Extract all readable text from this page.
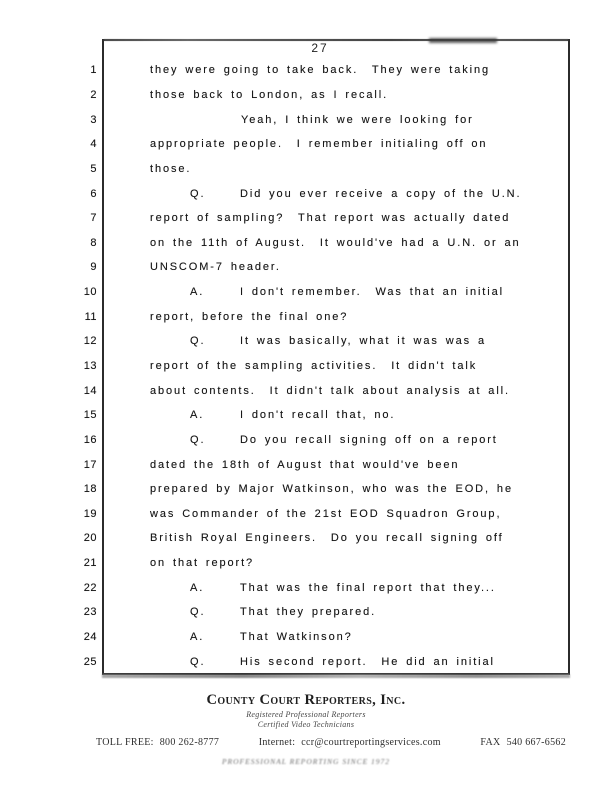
27
1	they were going to take back.  They were taking
2	those back to London, as I recall.
3	Yeah, I think we were looking for
4	appropriate people.  I remember initialing off on
5	those.
6	Q.	Did you ever receive a copy of the U.N.
7	report of sampling?  That report was actually dated
8	on the 11th of August.  It would've had a U.N. or an
9	UNSCOM-7 header.
10	A.	I don't remember.  Was that an initial
11	report, before the final one?
12	Q.	It was basically, what it was was a
13	report of the sampling activities.  It didn't talk
14	about contents.  It didn't talk about analysis at all.
15	A.	I don't recall that, no.
16	Q.	Do you recall signing off on a report
17	dated the 18th of August that would've been
18	prepared by Major Watkinson, who was the EOD, he
19	was Commander of the 21st EOD Squadron Group,
20	British Royal Engineers.  Do you recall signing off
21	on that report?
22	A.	That was the final report that they...
23	Q.	That they prepared.
24	A.	That Watkinson?
25	Q.	His second report.  He did an initial
County Court Reporters, Inc.
Registered Professional Reporters
Certified Video Technicians
TOLL FREE: 800 262-8777	Internet: ccr@courtreportingservices.com	FAX 540 667-6562
PROFESSIONAL REPORTING SINCE 1972
